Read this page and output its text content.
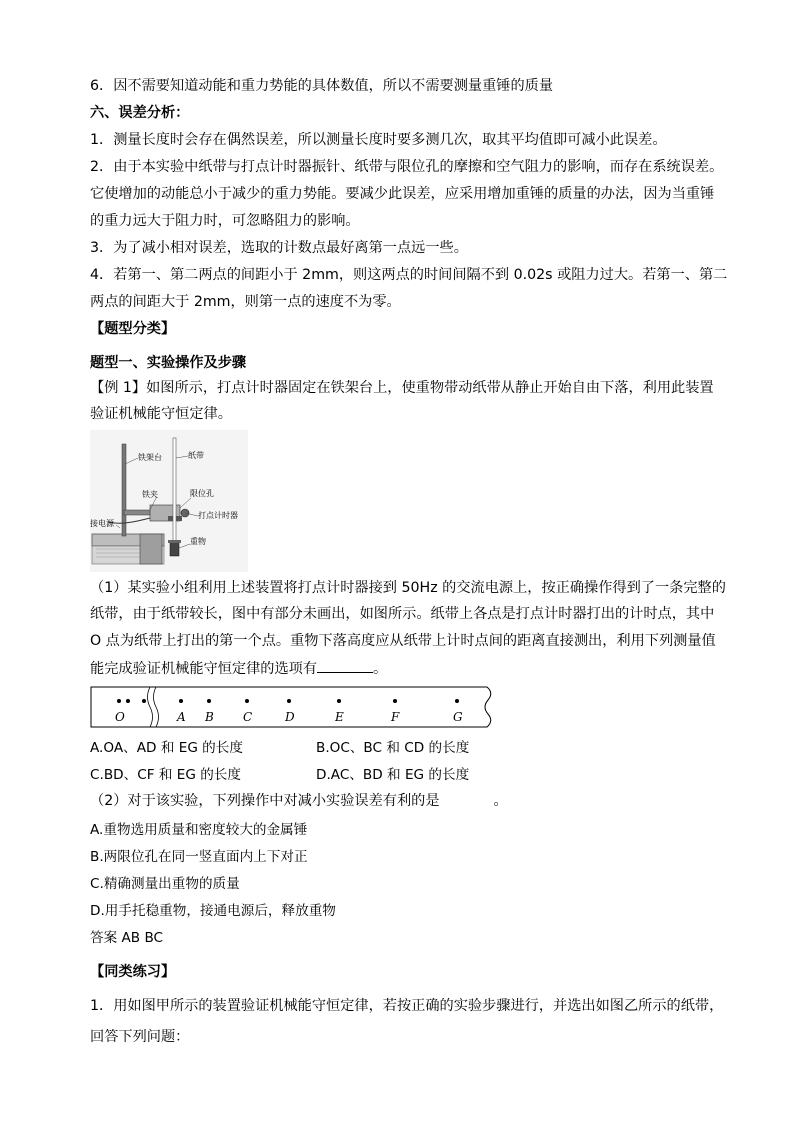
6．因不需要知道动能和重力势能的具体数值，所以不需要测量重锤的质量
六、误差分析：
1．测量长度时会存在偶然误差，所以测量长度时要多测几次，取其平均值即可减小此误差。
2．由于本实验中纸带与打点计时器振针、纸带与限位孔的摩擦和空气阻力的影响，而存在系统误差。
它使增加的动能总小于减少的重力势能。要减少此误差，应采用增加重锤的质量的办法，因为当重锤
的重力远大于阻力时，可忽略阻力的影响。
3．为了减小相对误差，选取的计数点最好离第一点远一些。
4．若第一、第二两点的间距小于 2mm，则这两点的时间间隔不到 0.02s 或阻力过大。若第一、第二
两点的间距大于 2mm，则第一点的速度不为零。
【题型分类】
题型一、实验操作及步骤
【例 1】如图所示，打点计时器固定在铁架台上，使重物带动纸带从静止开始自由下落，利用此装置
验证机械能守恒定律。
铁架台	纸带
铁夹	限位孔
打点计时器
接电源
重物
（1）某实验小组利用上述装置将打点计时器接到 50Hz 的交流电源上，按正确操作得到了一条完整的
纸带，由于纸带较长，图中有部分未画出，如图所示。纸带上各点是打点计时器打出的计时点，其中
O 点为纸带上打出的第一个点。重物下落高度应从纸带上计时点间的距离直接测出，利用下列测量值
能完成验证机械能守恒定律的选项有	。
O	A B C	D	E	F	G
A.OA、AD 和 EG 的长度	B.OC、BC 和 CD 的长度
C.BD、CF 和 EG 的长度	D.AC、BD 和 EG 的长度
（2）对于该实验，下列操作中对减小实验误差有利的是	。
A.重物选用质量和密度较大的金属锤
B.两限位孔在同一竖直面内上下对正
C.精确测量出重物的质量
D.用手托稳重物，接通电源后，释放重物
答案 AB BC
【同类练习】
1．用如图甲所示的装置验证机械能守恒定律，若按正确的实验步骤进行，并选出如图乙所示的纸带，
回答下列问题：
